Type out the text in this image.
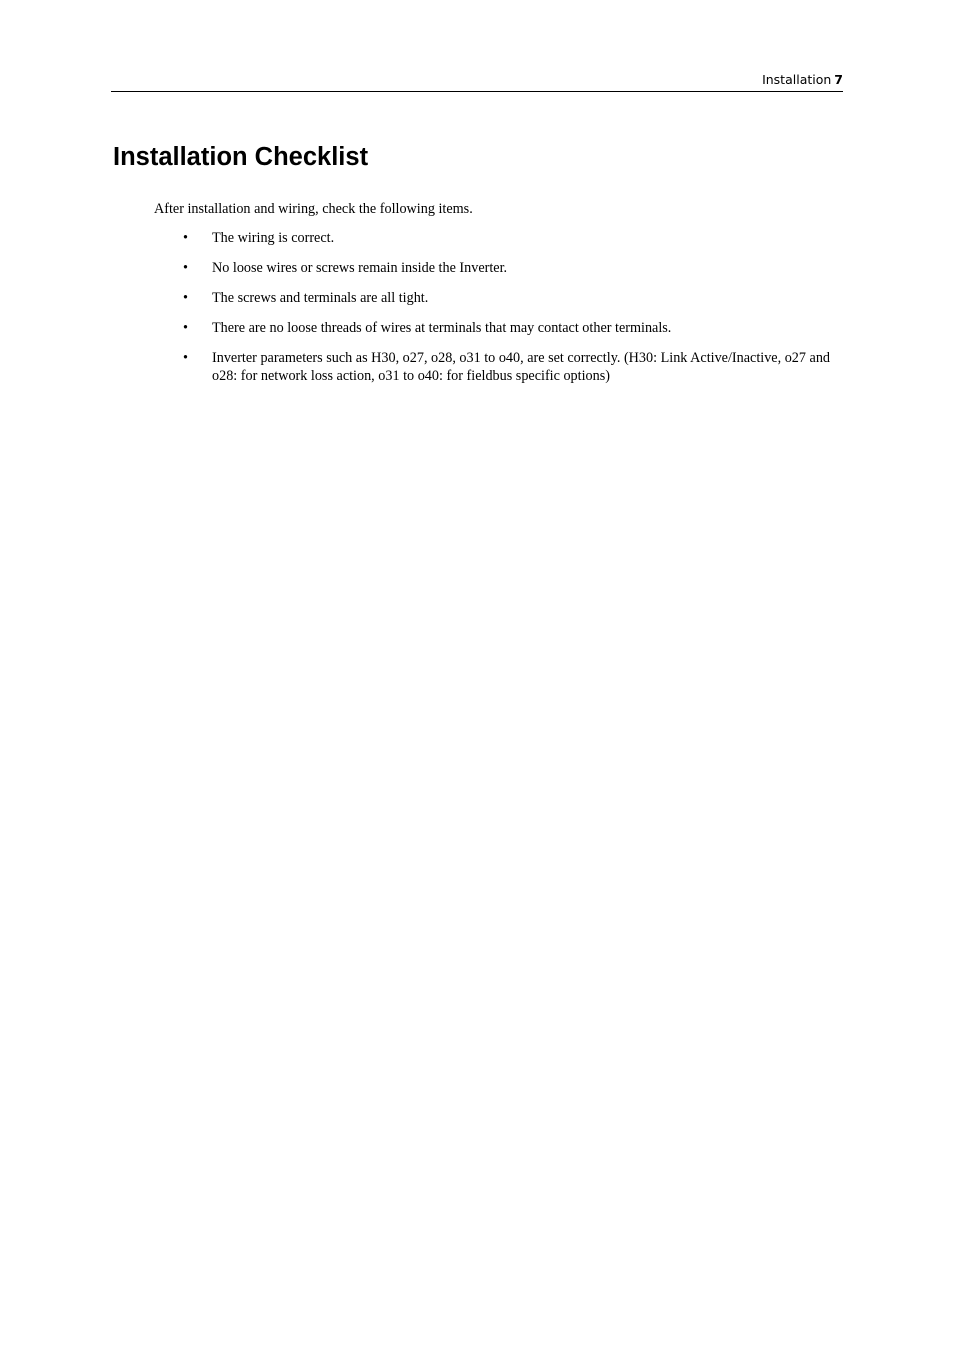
Installation 7
Installation Checklist

After installation and wiring, check the following items.

• The wiring is correct.
• No loose wires or screws remain inside the Inverter.
• The screws and terminals are all tight.
• There are no loose threads of wires at terminals that may contact other terminals.
• Inverter parameters such as H30, o27, o28, o31 to o40, are set correctly. (H30: Link Active/Inactive, o27 and o28: for network loss action, o31 to o40: for fieldbus specific options)
